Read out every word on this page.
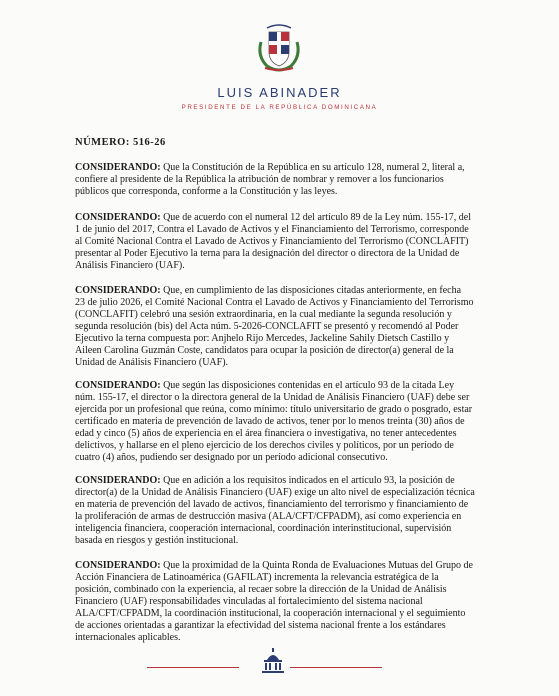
LUIS ABINADER
PRESIDENTE DE LA REPÚBLICA DOMINICANA
NÚMERO: 516-26

CONSIDERANDO: Que la Constitución de la República en su artículo 128, numeral 2, literal a,
confiere al presidente de la República la atribución de nombrar y remover a los funcionarios
públicos que corresponda, conforme a la Constitución y las leyes.

CONSIDERANDO: Que de acuerdo con el numeral 12 del artículo 89 de la Ley núm. 155-17, del
1 de junio del 2017, Contra el Lavado de Activos y el Financiamiento del Terrorismo, corresponde
al Comité Nacional Contra el Lavado de Activos y Financiamiento del Terrorismo (CONCLAFIT)
presentar al Poder Ejecutivo la terna para la designación del director o directora de la Unidad de
Análisis Financiero (UAF).

CONSIDERANDO: Que, en cumplimiento de las disposiciones citadas anteriormente, en fecha
23 de julio 2026, el Comité Nacional Contra el Lavado de Activos y Financiamiento del Terrorismo
(CONCLAFIT) celebró una sesión extraordinaria, en la cual mediante la segunda resolución y
segunda resolución (bis) del Acta núm. 5-2026-CONCLAFIT se presentó y recomendó al Poder
Ejecutivo la terna compuesta por: Anjhelo Rijo Mercedes, Jackeline Sahily Dietsch Castillo y
Aileen Carolina Guzmán Coste, candidatos para ocupar la posición de director(a) general de la
Unidad de Análisis Financiero (UAF).

CONSIDERANDO: Que según las disposiciones contenidas en el artículo 93 de la citada Ley
núm. 155-17, el director o la directora general de la Unidad de Análisis Financiero (UAF) debe ser
ejercida por un profesional que reúna, como mínimo: título universitario de grado o posgrado, estar
certificado en materia de prevención de lavado de activos, tener por lo menos treinta (30) años de
edad y cinco (5) años de experiencia en el área financiera o investigativa, no tener antecedentes
delictivos, y hallarse en el pleno ejercicio de los derechos civiles y políticos, por un período de
cuatro (4) años, pudiendo ser designado por un período adicional consecutivo.

CONSIDERANDO: Que en adición a los requisitos indicados en el artículo 93, la posición de
director(a) de la Unidad de Análisis Financiero (UAF) exige un alto nivel de especialización técnica
en materia de prevención del lavado de activos, financiamiento del terrorismo y financiamiento de
la proliferación de armas de destrucción masiva (ALA/CFT/CFPADM), así como experiencia en
inteligencia financiera, cooperación internacional, coordinación interinstitucional, supervisión
basada en riesgos y gestión institucional.

CONSIDERANDO: Que la proximidad de la Quinta Ronda de Evaluaciones Mutuas del Grupo de
Acción Financiera de Latinoamérica (GAFILAT) incrementa la relevancia estratégica de la
posición, combinado con la experiencia, al recaer sobre la dirección de la Unidad de Análisis
Financiero (UAF) responsabilidades vinculadas al fortalecimiento del sistema nacional
ALA/CFT/CFPADM, la coordinación institucional, la cooperación internacional y el seguimiento
de acciones orientadas a garantizar la efectividad del sistema nacional frente a los estándares
internacionales aplicables.
